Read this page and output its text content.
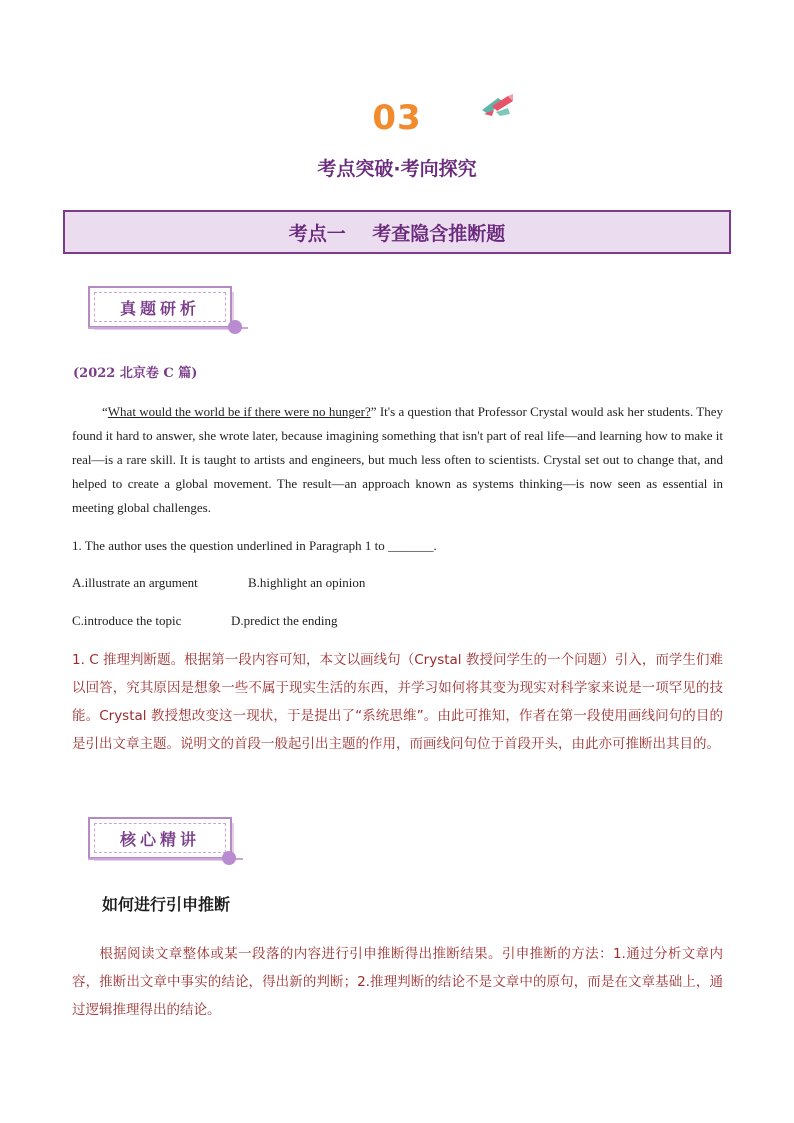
03
考点突破·考向探究
考点一    考查隐含推断题
真题研析
(2022 北京卷 C 篇)
“What would the world be if there were no hunger?” It's a question that Professor Crystal would ask her students. They found it hard to answer, she wrote later, because imagining something that isn't part of real life—and learning how to make it real—is a rare skill. It is taught to artists and engineers, but much less often to scientists. Crystal set out to change that, and helped to create a global movement. The result—an approach known as systems thinking—is now seen as essential in meeting global challenges.
1. The author uses the question underlined in Paragraph 1 to _______.
A.illustrate an argument	B.highlight an opinion
C.introduce the topic	D.predict the ending
1. C 推理判断题。根据第一段内容可知，本文以画线句（Crystal 教授问学生的一个问题）引入，而学生们难以回答，究其原因是想象一些不属于现实生活的东西，并学习如何将其变为现实对科学家来说是一项罕见的技能。Crystal 教授想改变这一现状，于是提出了“系统思维”。由此可推知，作者在第一段使用画线问句的目的是引出文章主题。说明文的首段一般起引出主题的作用，而画线问句位于首段开头，由此亦可推断出其目的。
核心精讲
如何进行引申推断
根据阅读文章整体或某一段落的内容进行引申推断得出推断结果。引申推断的方法：1.通过分析文章内容，推断出文章中事实的结论，得出新的判断；2.推理判断的结论不是文章中的原句，而是在文章基础上，通过逻辑推理得出的结论。
